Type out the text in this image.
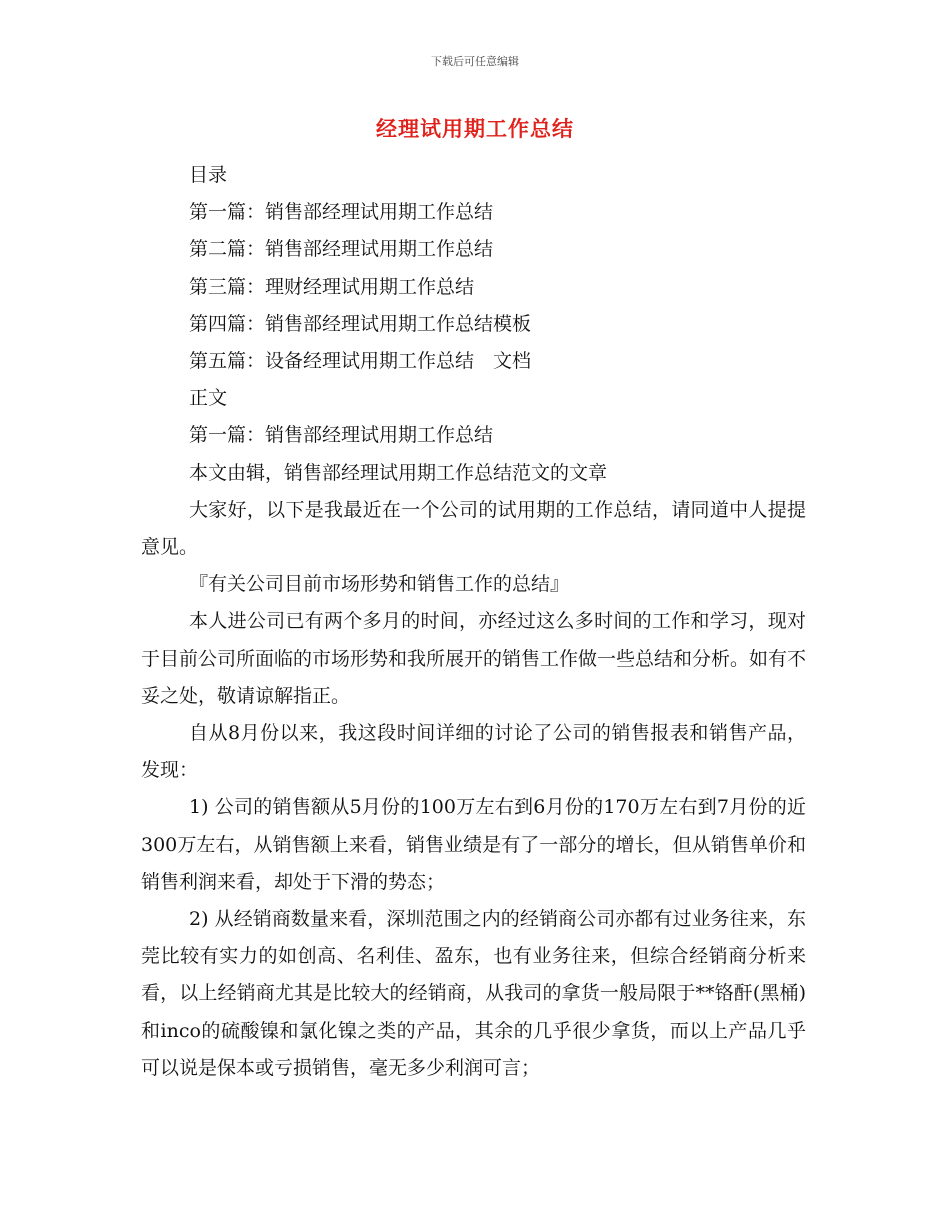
下载后可任意编辑
经理试用期工作总结

目录

第一篇：销售部经理试用期工作总结

第二篇：销售部经理试用期工作总结

第三篇：理财经理试用期工作总结

第四篇：销售部经理试用期工作总结模板

第五篇：设备经理试用期工作总结　文档

正文

第一篇：销售部经理试用期工作总结

本文由辑，销售部经理试用期工作总结范文的文章

大家好，以下是我最近在一个公司的试用期的工作总结，请同道中人提提意见。

『有关公司目前市场形势和销售工作的总结』

本人进公司已有两个多月的时间，亦经过这么多时间的工作和学习，现对于目前公司所面临的市场形势和我所展开的销售工作做一些总结和分析。如有不妥之处，敬请谅解指正。

自从8月份以来，我这段时间详细的讨论了公司的销售报表和销售产品，发现：

1) 公司的销售额从5月份的100万左右到6月份的170万左右到7月份的近300万左右，从销售额上来看，销售业绩是有了一部分的增长，但从销售单价和销售利润来看，却处于下滑的势态；

2) 从经销商数量来看，深圳范围之内的经销商公司亦都有过业务往来，东莞比较有实力的如创高、名利佳、盈东，也有业务往来，但综合经销商分析来看，以上经销商尤其是比较大的经销商，从我司的拿货一般局限于**铬酐(黑桶)和inco的硫酸镍和氯化镍之类的产品，其余的几乎很少拿货，而以上产品几乎可以说是保本或亏损销售，毫无多少利润可言；
